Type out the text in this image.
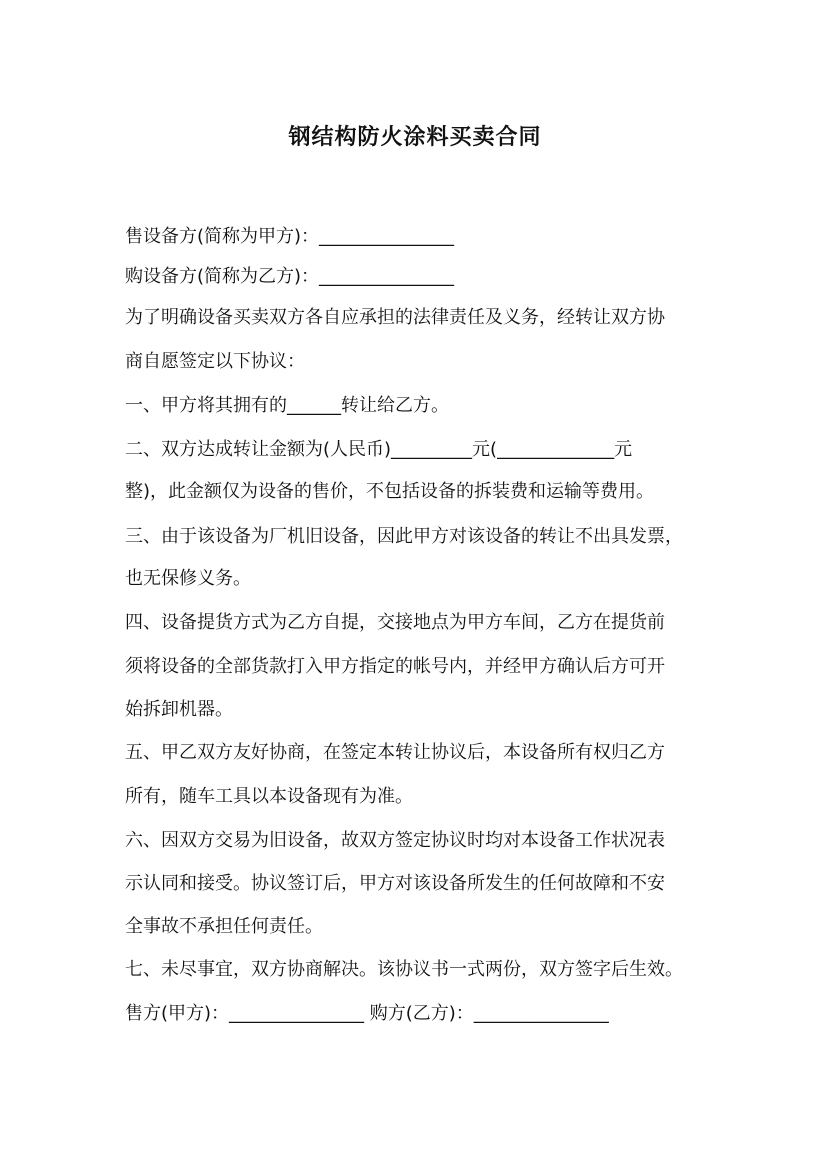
钢结构防火涂料买卖合同
售设备方(简称为甲方)：_______________
购设备方(简称为乙方)：_______________
为了明确设备买卖双方各自应承担的法律责任及义务，经转让双方协
商自愿签定以下协议：
一、甲方将其拥有的______转让给乙方。
二、双方达成转让金额为(人民币)_________元(_____________元
整)，此金额仅为设备的售价，不包括设备的拆装费和运输等费用。
三、由于该设备为厂机旧设备，因此甲方对该设备的转让不出具发票，
也无保修义务。
四、设备提货方式为乙方自提，交接地点为甲方车间，乙方在提货前
须将设备的全部货款打入甲方指定的帐号内，并经甲方确认后方可开
始拆卸机器。
五、甲乙双方友好协商，在签定本转让协议后，本设备所有权归乙方
所有，随车工具以本设备现有为准。
六、因双方交易为旧设备，故双方签定协议时均对本设备工作状况表
示认同和接受。协议签订后，甲方对该设备所发生的任何故障和不安
全事故不承担任何责任。
七、未尽事宜，双方协商解决。该协议书一式两份，双方签字后生效。
售方(甲方)：_______________ 购方(乙方)：_______________
